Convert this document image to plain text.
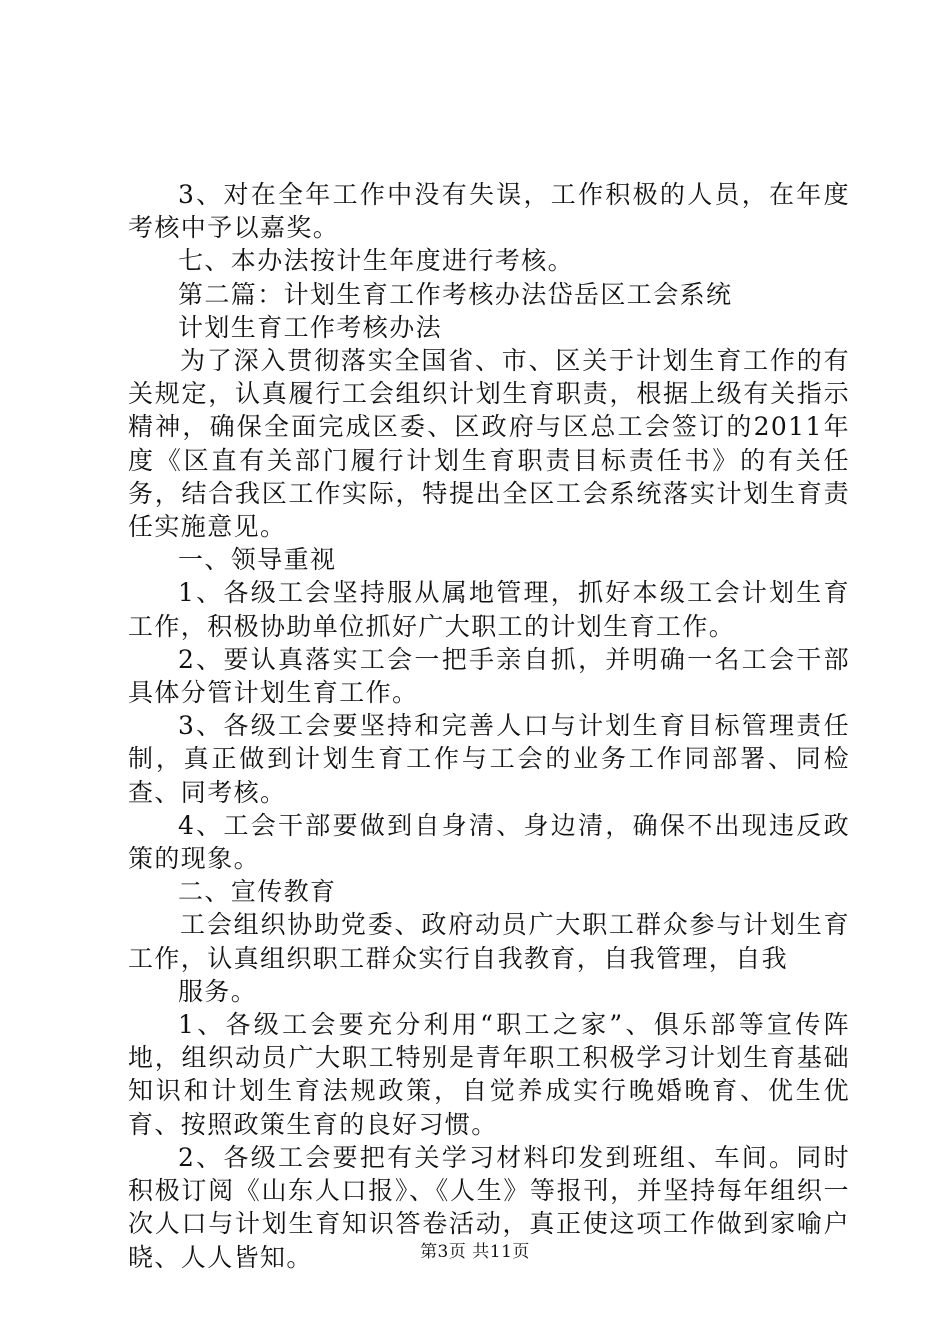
3、对在全年工作中没有失误，工作积极的人员，在年度考核中予以嘉奖。

七、本办法按计生年度进行考核。

第二篇：计划生育工作考核办法岱岳区工会系统

计划生育工作考核办法

为了深入贯彻落实全国省、市、区关于计划生育工作的有关规定，认真履行工会组织计划生育职责，根据上级有关指示精神，确保全面完成区委、区政府与区总工会签订的2011年度《区直有关部门履行计划生育职责目标责任书》的有关任务，结合我区工作实际，特提出全区工会系统落实计划生育责任实施意见。

一、领导重视

1、各级工会坚持服从属地管理，抓好本级工会计划生育工作，积极协助单位抓好广大职工的计划生育工作。

2、要认真落实工会一把手亲自抓，并明确一名工会干部具体分管计划生育工作。

3、各级工会要坚持和完善人口与计划生育目标管理责任制，真正做到计划生育工作与工会的业务工作同部署、同检查、同考核。

4、工会干部要做到自身清、身边清，确保不出现违反政策的现象。

二、宣传教育

工会组织协助党委、政府动员广大职工群众参与计划生育工作，认真组织职工群众实行自我教育，自我管理，自我

服务。

1、各级工会要充分利用“职工之家”、俱乐部等宣传阵地，组织动员广大职工特别是青年职工积极学习计划生育基础知识和计划生育法规政策，自觉养成实行晚婚晚育、优生优育、按照政策生育的良好习惯。

2、各级工会要把有关学习材料印发到班组、车间。同时积极订阅《山东人口报》、《人生》等报刊，并坚持每年组织一次人口与计划生育知识答卷活动，真正使这项工作做到家喻户晓、人人皆知。	第3页 共11页
